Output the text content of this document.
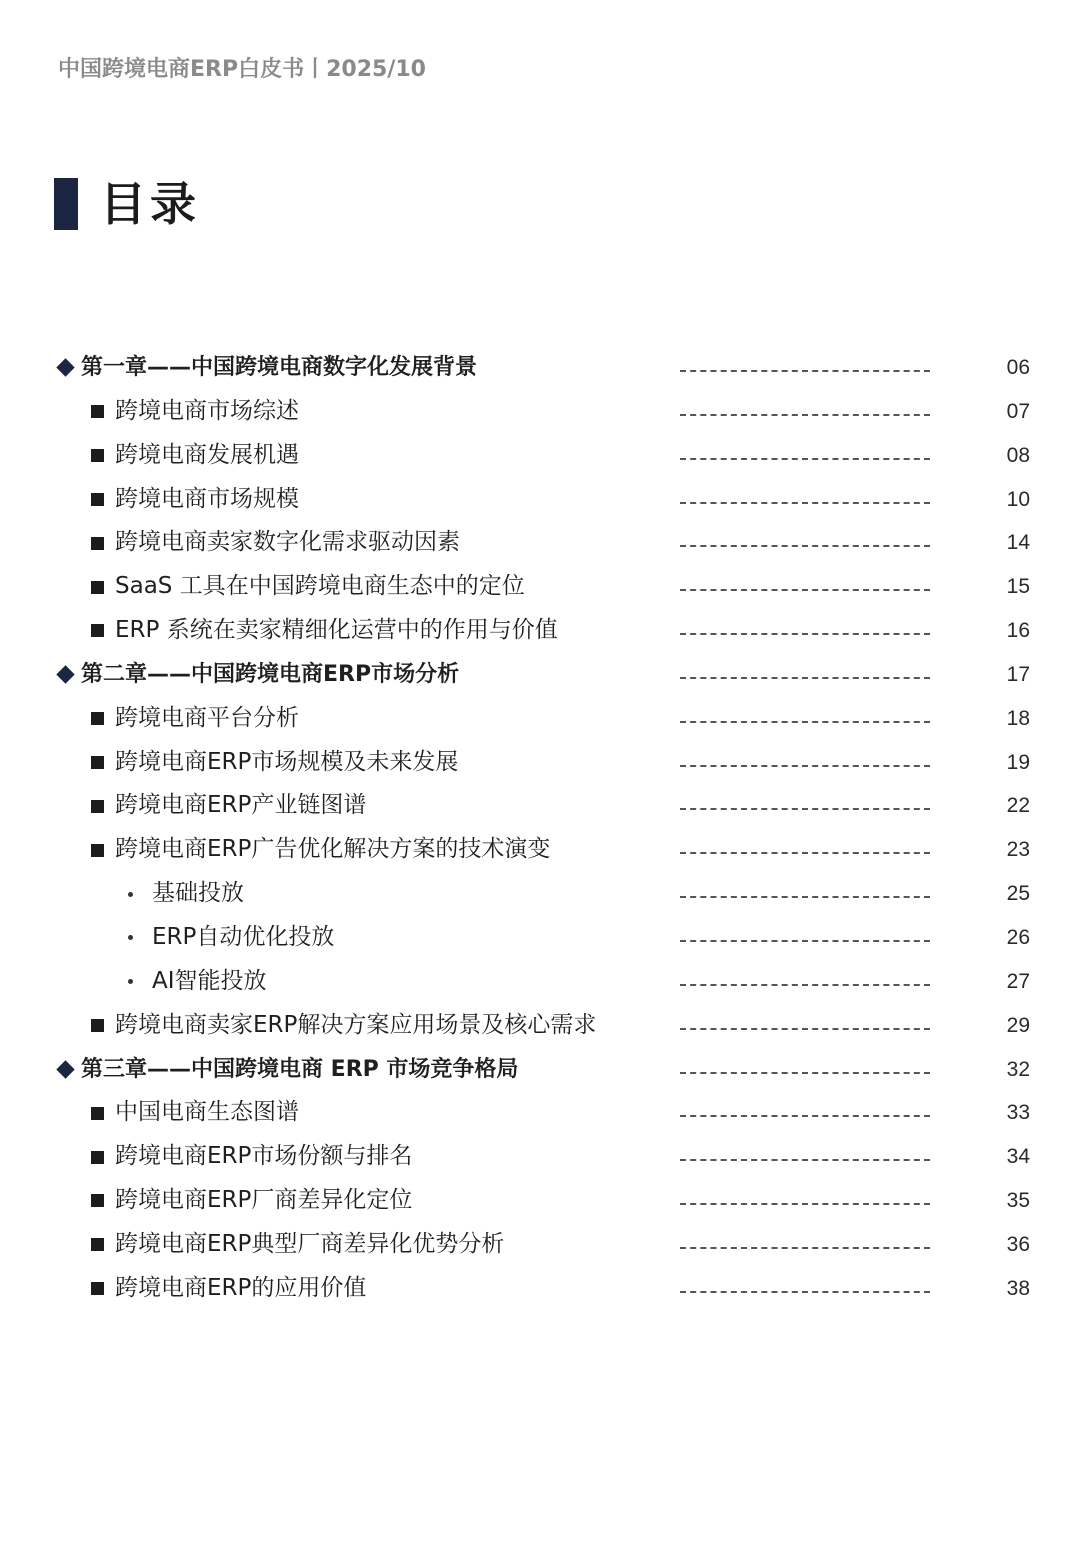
中国跨境电商ERP白皮书丨2025/10
目录
第一章——中国跨境电商数字化发展背景	06
跨境电商市场综述	07
跨境电商发展机遇	08
跨境电商市场规模	10
跨境电商卖家数字化需求驱动因素	14
SaaS 工具在中国跨境电商生态中的定位	15
ERP 系统在卖家精细化运营中的作用与价值	16
第二章——中国跨境电商ERP市场分析	17
跨境电商平台分析	18
跨境电商ERP市场规模及未来发展	19
跨境电商ERP产业链图谱	22
跨境电商ERP广告优化解决方案的技术演变	23
基础投放	25
ERP自动优化投放	26
AI智能投放	27
跨境电商卖家ERP解决方案应用场景及核心需求	29
第三章——中国跨境电商 ERP 市场竞争格局	32
中国电商生态图谱	33
跨境电商ERP市场份额与排名	34
跨境电商ERP厂商差异化定位	35
跨境电商ERP典型厂商差异化优势分析	36
跨境电商ERP的应用价值	38
